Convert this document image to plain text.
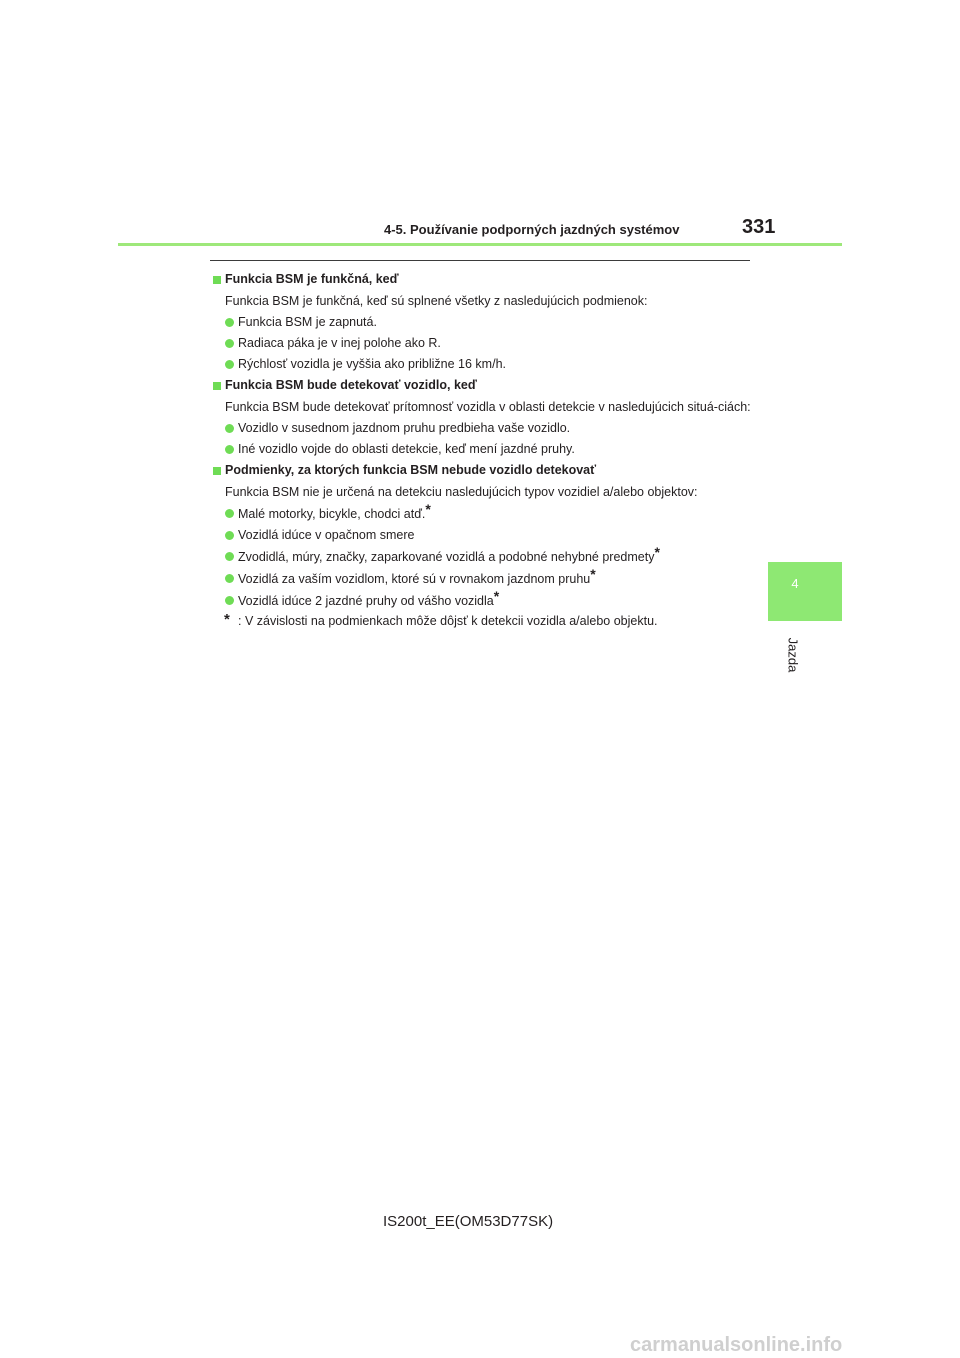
4-5. Používanie podporných jazdných systémov	331
4
Jazda
Funkcia BSM je funkčná, keď
Funkcia BSM je funkčná, keď sú splnené všetky z nasledujúcich podmienok:
Funkcia BSM je zapnutá.
Radiaca páka je v inej polohe ako R.
Rýchlosť vozidla je vyššia ako približne 16 km/h.
Funkcia BSM bude detekovať vozidlo, keď
Funkcia BSM bude detekovať prítomnosť vozidla v oblasti detekcie v nasledujúcich situá-ciách:
Vozidlo v susednom jazdnom pruhu predbieha vaše vozidlo.
Iné vozidlo vojde do oblasti detekcie, keď mení jazdné pruhy.
Podmienky, za ktorých funkcia BSM nebude vozidlo detekovať
Funkcia BSM nie je určená na detekciu nasledujúcich typov vozidiel a/alebo objektov:
Malé motorky, bicykle, chodci atď.*
Vozidlá idúce v opačnom smere
Zvodidlá, múry, značky, zaparkované vozidlá a podobné nehybné predmety*
Vozidlá za vaším vozidlom, ktoré sú v rovnakom jazdnom pruhu*
Vozidlá idúce 2 jazdné pruhy od vášho vozidla*
* : V závislosti na podmienkach môže dôjsť k detekcii vozidla a/alebo objektu.
IS200t_EE(OM53D77SK)
carmanualsonline.info
